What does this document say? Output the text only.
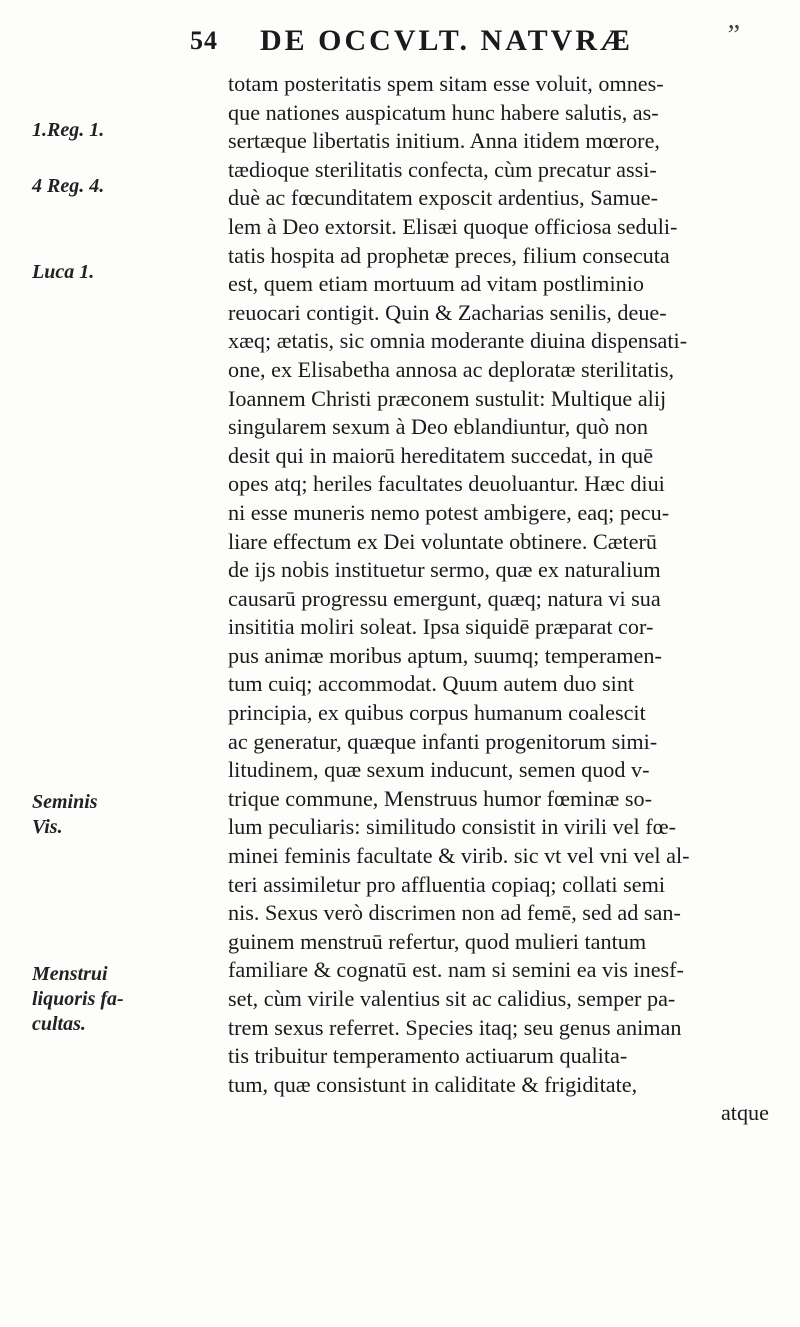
54 DE OCCVLT. NATVRÆ	”
1.Reg. 1.
4 Reg. 4.
Luca 1.
Seminis
Vis.
Menstrui
liquoris fa-
cultas.
totam posteritatis spem sitam esse voluit, omnes-
que nationes auspicatum hunc habere salutis, as-
sertæque libertatis initium. Anna itidem mœrore,
tædioque sterilitatis confecta, cùm precatur assi-
duè ac fœcunditatem exposcit ardentius, Samue-
lem à Deo extorsit. Elisæi quoque officiosa seduli-
tatis hospita ad prophetæ preces, filium consecuta
est, quem etiam mortuum ad vitam postliminio
reuocari contigit. Quin & Zacharias senilis, deue-
xæq; ætatis, sic omnia moderante diuina dispensati-
one, ex Elisabetha annosa ac deploratæ sterilitatis,
Ioannem Christi præconem sustulit: Multique alij
singularem sexum à Deo eblandiuntur, quò non
desit qui in maiorū hereditatem succedat, in quē
opes atq; heriles facultates deuoluantur. Hæc diui
ni esse muneris nemo potest ambigere, eaq; pecu-
liare effectum ex Dei voluntate obtinere. Cæterū
de ijs nobis instituetur sermo, quæ ex naturalium
causarū progressu emergunt, quæq; natura vi sua
insititia moliri soleat. Ipsa siquidē præparat cor-
pus animæ moribus aptum, suumq; temperamen-
tum cuiq; accommodat. Quum autem duo sint
principia, ex quibus corpus humanum coalescit
ac generatur, quæque infanti progenitorum simi-
litudinem, quæ sexum inducunt, semen quod v-
trique commune, Menstruus humor fœminæ so-
lum peculiaris: similitudo consistit in virili vel fœ-
minei feminis facultate & virib. sic vt vel vni vel al-
teri assimiletur pro affluentia copiaq; collati semi
nis. Sexus verò discrimen non ad femē, sed ad san-
guinem menstruū refertur, quod mulieri tantum
familiare & cognatū est. nam si semini ea vis inesf-
set, cùm virile valentius sit ac calidius, semper pa-
trem sexus referret. Species itaq; seu genus animan
tis tribuitur temperamento actiuarum qualita-
tum, quæ consistunt in caliditate & frigiditate,
atque
